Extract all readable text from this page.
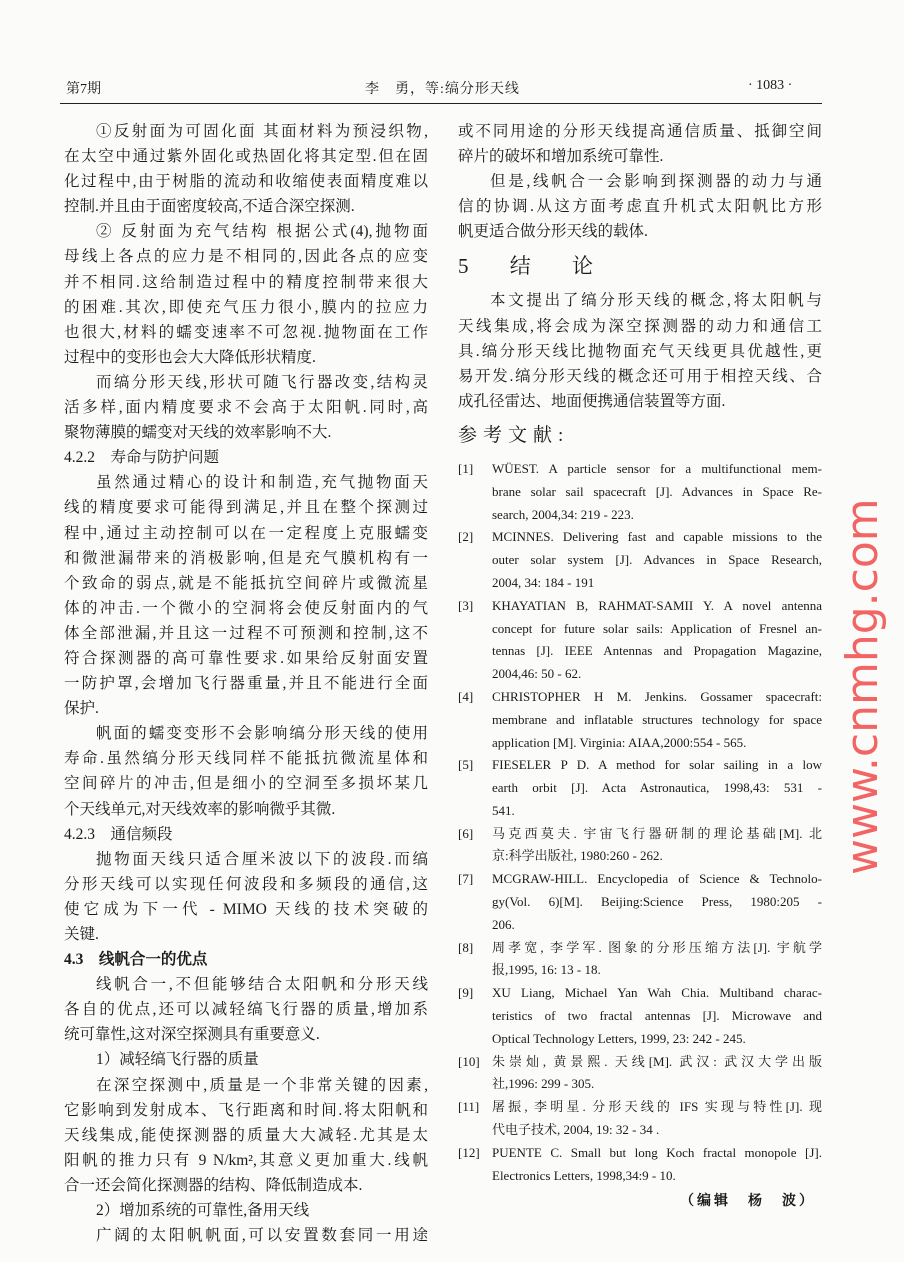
第7期	李　勇，等:缟分形天线	· 1083 ·
①反射面为可固化面 其面材料为预浸织物,
在太空中通过紫外固化或热固化将其定型.但在固
化过程中,由于树脂的流动和收缩使表面精度难以
控制.并且由于面密度较高,不适合深空探测.
② 反射面为充气结构 根据公式(4),抛物面
母线上各点的应力是不相同的,因此各点的应变
并不相同.这给制造过程中的精度控制带来很大
的困难.其次,即使充气压力很小,膜内的拉应力
也很大,材料的蠕变速率不可忽视.抛物面在工作
过程中的变形也会大大降低形状精度.
而缟分形天线,形状可随飞行器改变,结构灵
活多样,面内精度要求不会高于太阳帆.同时,高
聚物薄膜的蠕变对天线的效率影响不大.
4.2.2　寿命与防护问题
虽然通过精心的设计和制造,充气抛物面天
线的精度要求可能得到满足,并且在整个探测过
程中,通过主动控制可以在一定程度上克服蠕变
和微泄漏带来的消极影响,但是充气膜机构有一
个致命的弱点,就是不能抵抗空间碎片或微流星
体的冲击.一个微小的空洞将会使反射面内的气
体全部泄漏,并且这一过程不可预测和控制,这不
符合探测器的高可靠性要求.如果给反射面安置
一防护罩,会增加飞行器重量,并且不能进行全面
保护.
帆面的蠕变变形不会影响缟分形天线的使用
寿命.虽然缟分形天线同样不能抵抗微流星体和
空间碎片的冲击,但是细小的空洞至多损坏某几
个天线单元,对天线效率的影响微乎其微.
4.2.3　通信频段
抛物面天线只适合厘米波以下的波段.而缟
分形天线可以实现任何波段和多频段的通信,这
使它成为下一代 - MIMO 天线的技术突破的
关键.
4.3　线帆合一的优点
线帆合一,不但能够结合太阳帆和分形天线
各自的优点,还可以减轻缟飞行器的质量,增加系
统可靠性,这对深空探测具有重要意义.
1）减轻缟飞行器的质量
在深空探测中,质量是一个非常关键的因素,
它影响到发射成本、飞行距离和时间.将太阳帆和
天线集成,能使探测器的质量大大减轻.尤其是太
阳帆的推力只有 9 N/km²,其意义更加重大.线帆
合一还会简化探测器的结构、降低制造成本.
2）增加系统的可靠性,备用天线
广阔的太阳帆帆面,可以安置数套同一用途
或不同用途的分形天线提高通信质量、抵御空间
碎片的破坏和增加系统可靠性.
但是,线帆合一会影响到探测器的动力与通
信的协调.从这方面考虑直升机式太阳帆比方形
帆更适合做分形天线的载体.
5 结 论
本文提出了缟分形天线的概念,将太阳帆与
天线集成,将会成为深空探测器的动力和通信工
具.缟分形天线比抛物面充气天线更具优越性,更
易开发.缟分形天线的概念还可用于相控天线、合
成孔径雷达、地面便携通信装置等方面.
参考文献:
[1] WÜEST. A particle sensor for a multifunctional mem-
brane solar sail spacecraft [J]. Advances in Space Re-
search, 2004,34: 219 - 223.
[2] MCINNES. Delivering fast and capable missions to the
outer solar system [J]. Advances in Space Research,
2004, 34: 184 - 191
[3] KHAYATIAN B, RAHMAT-SAMII Y. A novel antenna
concept for future solar sails: Application of Fresnel an-
tennas [J]. IEEE Antennas and Propagation Magazine,
2004,46: 50 - 62.
[4] CHRISTOPHER H M. Jenkins. Gossamer spacecraft:
membrane and inflatable structures technology for space
application [M]. Virginia: AIAA,2000:554 - 565.
[5] FIESELER P D. A method for solar sailing in a low
earth orbit [J]. Acta Astronautica, 1998,43: 531 -
541.
[6] 马克西莫夫. 宇宙飞行器研制的理论基础[M]. 北
京:科学出版社, 1980:260 - 262.
[7] MCGRAW-HILL. Encyclopedia of Science & Technolo-
gy(Vol. 6)[M]. Beijing:Science Press, 1980:205 -
206.
[8] 周孝宽, 李学军. 图象的分形压缩方法[J]. 宇航学
报,1995, 16: 13 - 18.
[9] XU Liang, Michael Yan Wah Chia. Multiband charac-
teristics of two fractal antennas [J]. Microwave and
Optical Technology Letters, 1999, 23: 242 - 245.
[10] 朱崇灿, 黄景熙. 天线[M]. 武汉: 武汉大学出版
社,1996: 299 - 305.
[11] 屠振, 李明星. 分形天线的 IFS 实现与特性[J]. 现
代电子技术, 2004, 19: 32 - 34 .
[12] PUENTE C. Small but long Koch fractal monopole [J].
Electronics Letters, 1998,34:9 - 10.
（编辑　杨　波）
www.cnmhg.com
